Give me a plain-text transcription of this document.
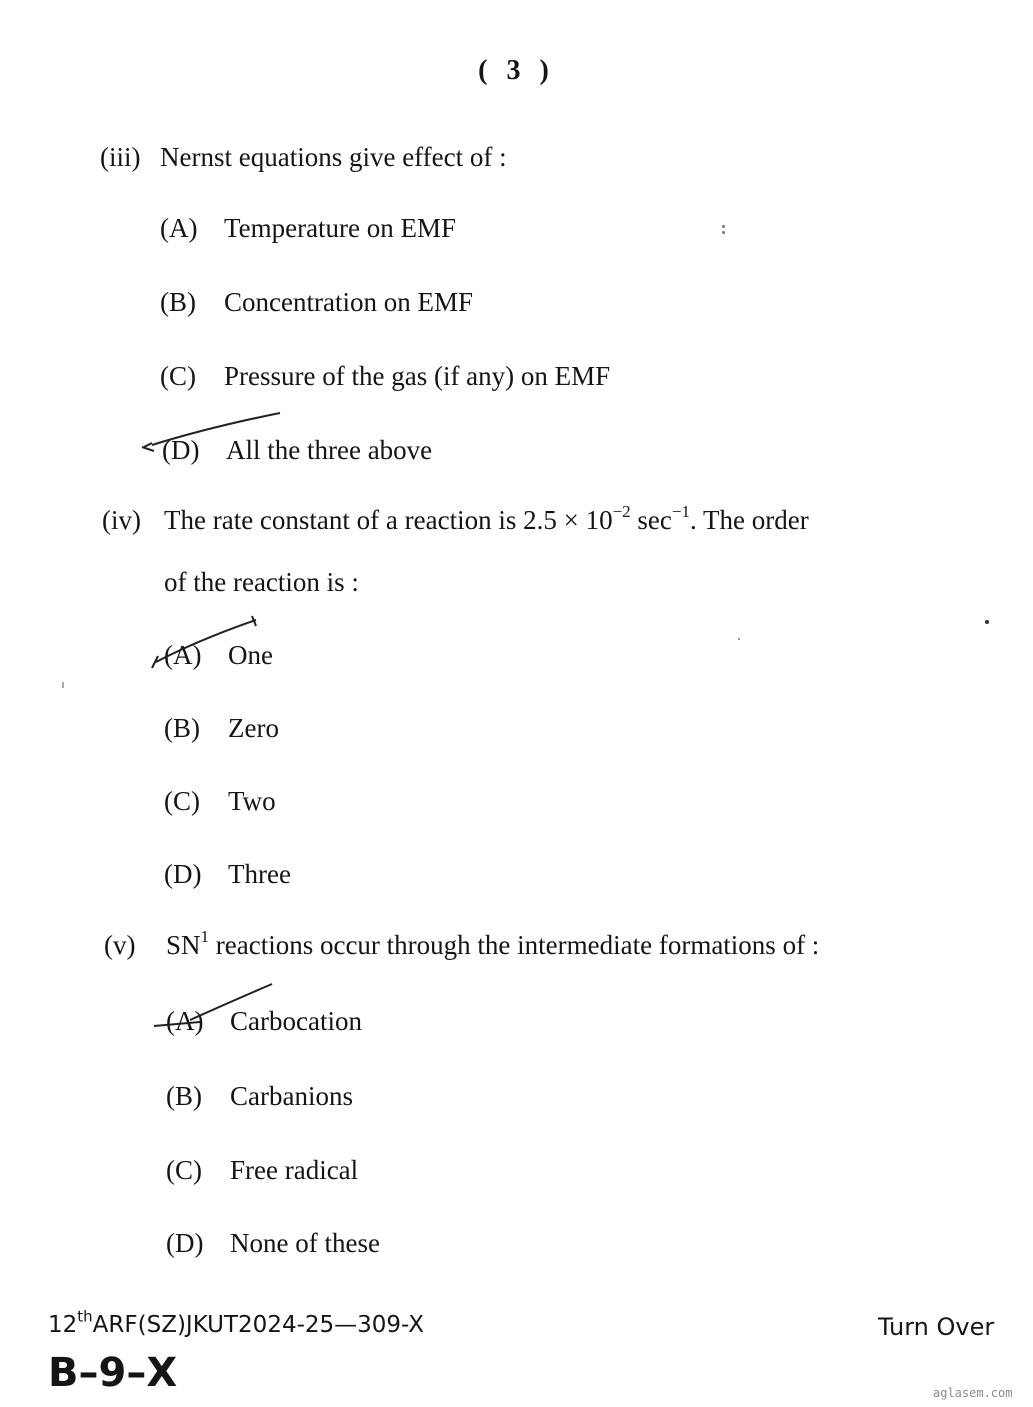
( 3 )
(iii) Nernst equations give effect of :
(A) Temperature on EMF
(B) Concentration on EMF
(C) Pressure of the gas (if any) on EMF
(D) All the three above
(iv) The rate constant of a reaction is $2.5 \times 10^{-2}$ $\sec^{-1}$. The order
of the reaction is :
(A) One
(B) Zero
(C) Two
(D) Three
(v) $SN^1$ reactions occur through the intermediate formations of :
(A) Carbocation
(B) Carbanions
(C) Free radical
(D) None of these
12thARF(SZ)JKUT2024-25—309-X
B–9–X
Turn Over
aglasem.com
